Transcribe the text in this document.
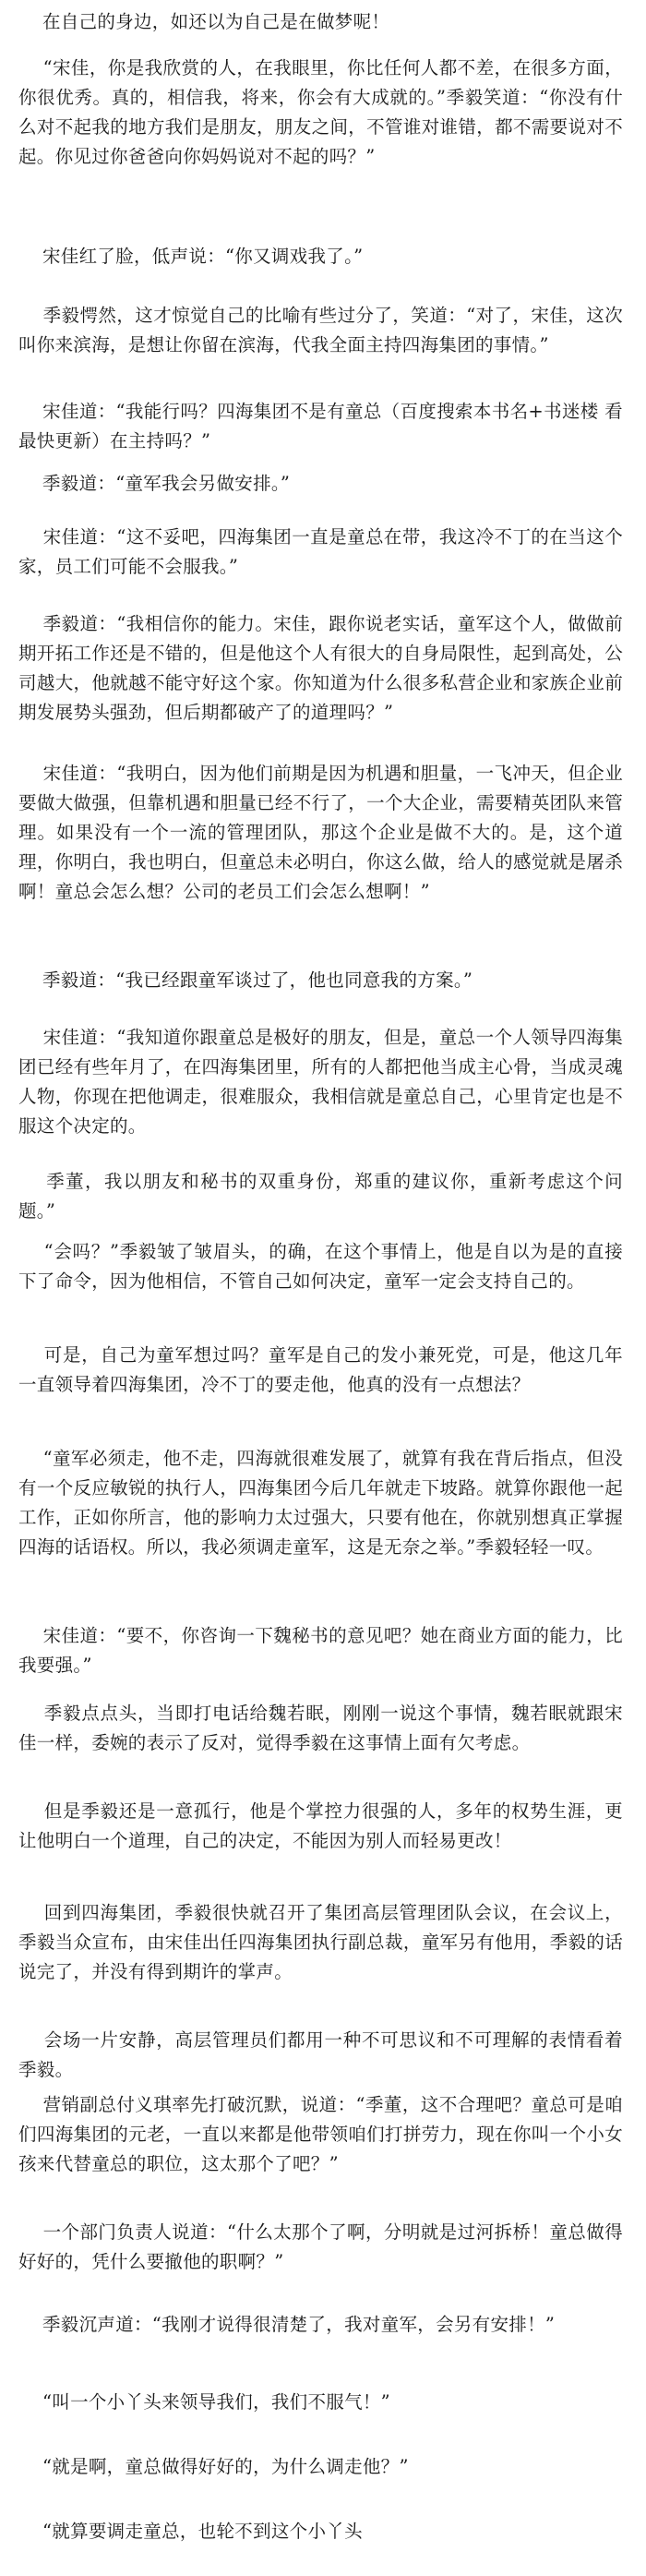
在自己的身边，如还以为自己是在做梦呢！

“宋佳，你是我欣赏的人，在我眼里，你比任何人都不差，在很多方面，你很优秀。真的，相信我，将来，你会有大成就的。”季毅笑道：“你没有什么对不起我的地方我们是朋友，朋友之间，不管谁对谁错，都不需要说对不起。你见过你爸爸向你妈妈说对不起的吗？”

宋佳红了脸，低声说：“你又调戏我了。”

季毅愕然，这才惊觉自己的比喻有些过分了，笑道：“对了，宋佳，这次叫你来滨海，是想让你留在滨海，代我全面主持四海集团的事情。”

宋佳道：“我能行吗？四海集团不是有童总（百度搜索本书名+书迷楼 看最快更新）在主持吗？”

季毅道：“童军我会另做安排。”

宋佳道：“这不妥吧，四海集团一直是童总在带，我这冷不丁的在当这个家，员工们可能不会服我。”

季毅道：“我相信你的能力。宋佳，跟你说老实话，童军这个人，做做前期开拓工作还是不错的，但是他这个人有很大的自身局限性，起到高处，公司越大，他就越不能守好这个家。你知道为什么很多私营企业和家族企业前期发展势头强劲，但后期都破产了的道理吗？”

宋佳道：“我明白，因为他们前期是因为机遇和胆量，一飞冲天，但企业要做大做强，但靠机遇和胆量已经不行了，一个大企业，需要精英团队来管理。如果没有一个一流的管理团队，那这个企业是做不大的。是，这个道理，你明白，我也明白，但童总未必明白，你这么做，给人的感觉就是屠杀啊！童总会怎么想？公司的老员工们会怎么想啊！”

季毅道：“我已经跟童军谈过了，他也同意我的方案。”

宋佳道：“我知道你跟童总是极好的朋友，但是，童总一个人领导四海集团已经有些年月了，在四海集团里，所有的人都把他当成主心骨，当成灵魂人物，你现在把他调走，很难服众，我相信就是童总自己，心里肯定也是不服这个决定的。

季董，我以朋友和秘书的双重身份，郑重的建议你，重新考虑这个问题。”

“会吗？”季毅皱了皱眉头，的确，在这个事情上，他是自以为是的直接下了命令，因为他相信，不管自己如何决定，童军一定会支持自己的。

可是，自己为童军想过吗？童军是自己的发小兼死党，可是，他这几年一直领导着四海集团，冷不丁的要走他，他真的没有一点想法？

“童军必须走，他不走，四海就很难发展了，就算有我在背后指点，但没有一个反应敏锐的执行人，四海集团今后几年就走下坡路。就算你跟他一起工作，正如你所言，他的影响力太过强大，只要有他在，你就别想真正掌握四海的话语权。所以，我必须调走童军，这是无奈之举。”季毅轻轻一叹。

宋佳道：“要不，你咨询一下魏秘书的意见吧？她在商业方面的能力，比我要强。”

季毅点点头，当即打电话给魏若眠，刚刚一说这个事情，魏若眠就跟宋佳一样，委婉的表示了反对，觉得季毅在这事情上面有欠考虑。

但是季毅还是一意孤行，他是个掌控力很强的人，多年的权势生涯，更让他明白一个道理，自己的决定，不能因为别人而轻易更改！

回到四海集团，季毅很快就召开了集团高层管理团队会议，在会议上，季毅当众宣布，由宋佳出任四海集团执行副总裁，童军另有他用，季毅的话说完了，并没有得到期许的掌声。

会场一片安静，高层管理员们都用一种不可思议和不可理解的表情看着季毅。

营销副总付义琪率先打破沉默，说道：“季董，这不合理吧？童总可是咱们四海集团的元老，一直以来都是他带领咱们打拼劳力，现在你叫一个小女孩来代替童总的职位，这太那个了吧？”

一个部门负责人说道：“什么太那个了啊，分明就是过河拆桥！童总做得好好的，凭什么要撤他的职啊？”

季毅沉声道：“我刚才说得很清楚了，我对童军，会另有安排！”

“叫一个小丫头来领导我们，我们不服气！”

“就是啊，童总做得好好的，为什么调走他？”

“就算要调走童总，也轮不到这个小丫头
